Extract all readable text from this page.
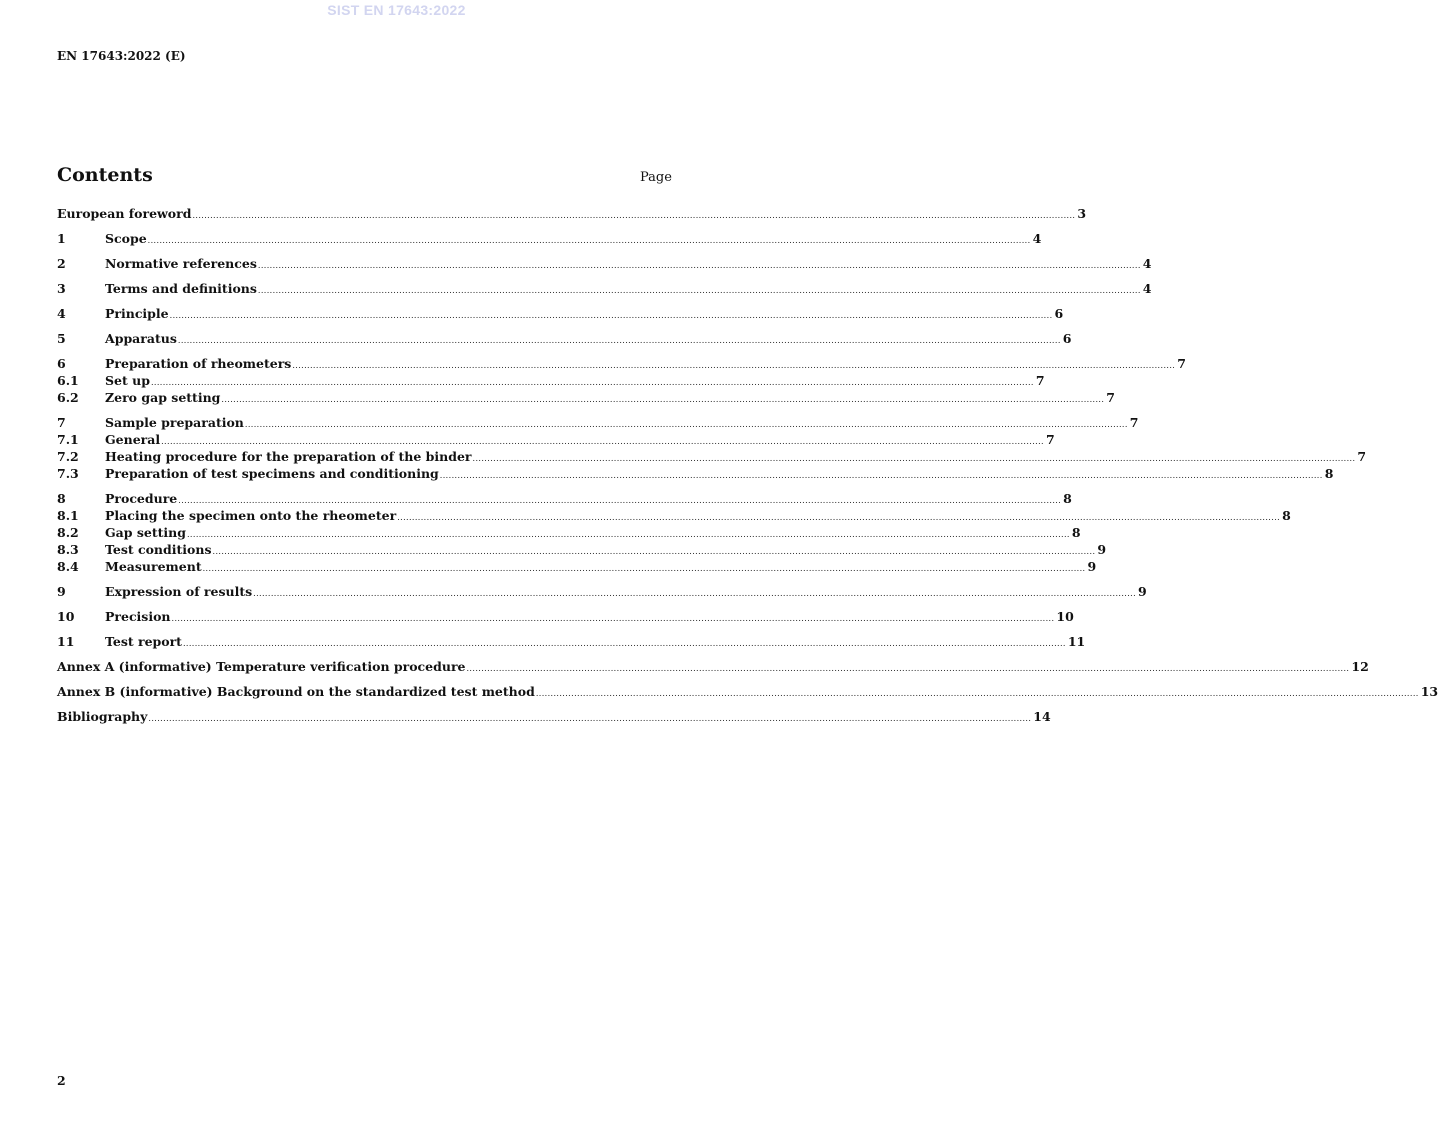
SIST EN 17643:2022
EN 17643:2022 (E)
Contents	Page
European foreword ............................................................................................................................................................................................................................................................................................................ 3
1	Scope ............................................................................................................................................................................................................................................................................................................ 4
2	Normative references ............................................................................................................................................................................................................................................................................................................ 4
3	Terms and definitions ............................................................................................................................................................................................................................................................................................................ 4
4	Principle ............................................................................................................................................................................................................................................................................................................ 6
5	Apparatus ............................................................................................................................................................................................................................................................................................................ 6
6	Preparation of rheometers ............................................................................................................................................................................................................................................................................................................ 7
6.1	Set up ............................................................................................................................................................................................................................................................................................................ 7
6.2	Zero gap setting ............................................................................................................................................................................................................................................................................................................ 7
7	Sample preparation ............................................................................................................................................................................................................................................................................................................ 7
7.1	General ............................................................................................................................................................................................................................................................................................................ 7
7.2	Heating procedure for the preparation of the binder ............................................................................................................................................................................................................................................................................................................ 7
7.3	Preparation of test specimens and conditioning ............................................................................................................................................................................................................................................................................................................ 8
8	Procedure ............................................................................................................................................................................................................................................................................................................ 8
8.1	Placing the specimen onto the rheometer ............................................................................................................................................................................................................................................................................................................ 8
8.2	Gap setting ............................................................................................................................................................................................................................................................................................................ 8
8.3	Test conditions ............................................................................................................................................................................................................................................................................................................ 9
8.4	Measurement ............................................................................................................................................................................................................................................................................................................ 9
9	Expression of results ............................................................................................................................................................................................................................................................................................................ 9
10	Precision ............................................................................................................................................................................................................................................................................................................ 10
11	Test report ............................................................................................................................................................................................................................................................................................................ 11
Annex A (informative) Temperature verification procedure ............................................................................................................................................................................................................................................................................................................ 12
Annex B (informative) Background on the standardized test method ............................................................................................................................................................................................................................................................................................................ 13
Bibliography ............................................................................................................................................................................................................................................................................................................ 14
2
